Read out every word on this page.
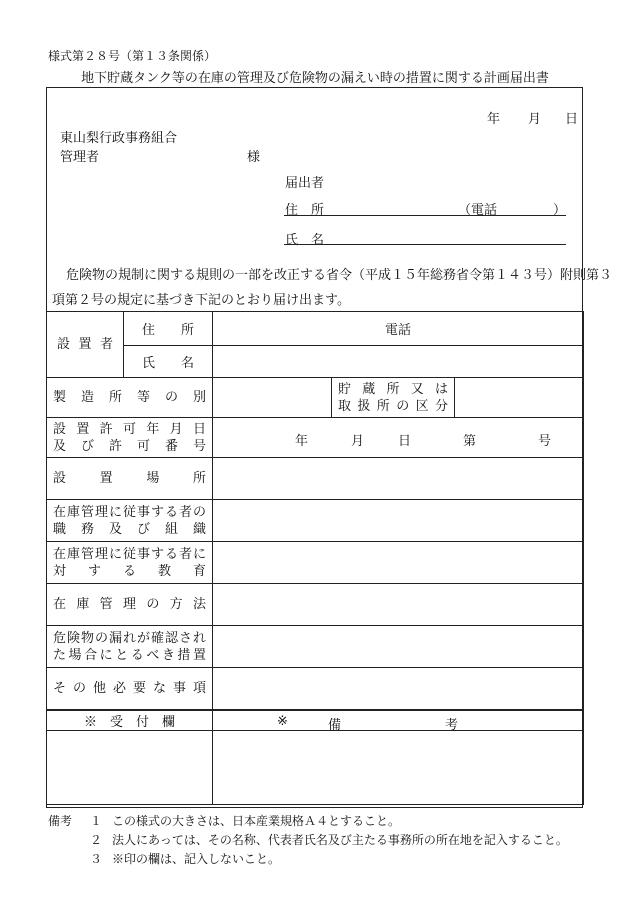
様式第２８号（第１３条関係）
地下貯蔵タンク等の在庫の管理及び危険物の漏えい時の措置に関する計画届出書
年 月 日
東山梨行政事務組合
管理者	様
届出者
住　所	（電話	）
氏　名
危険物の規制に関する規則の一部を改正する省令（平成１５年総務省令第１４３号）附則第３
項第２号の規定に基づき下記のとおり届け出ます。
設置者	住　　所	電話		
	氏　　名			

製造所等の別			貯蔵所又は
取扱所の区分	

設置許可年月日
及び許可番号		年 月 日 第 号		

設置場所				

在庫管理に従事する者の
職務及び組織				

在庫管理に従事する者に
対する教育				

在庫管理の方法				

危険物の漏れが確認され
た場合にとるべき措置				

その他必要な事項				

※　受　付　欄		※ 備　　　　　　　　考		

備考 １ この様式の大きさは、日本産業規格Ａ４とすること。
２ 法人にあっては、その名称、代表者氏名及び主たる事務所の所在地を記入すること。
３ ※印の欄は、記入しないこと。
